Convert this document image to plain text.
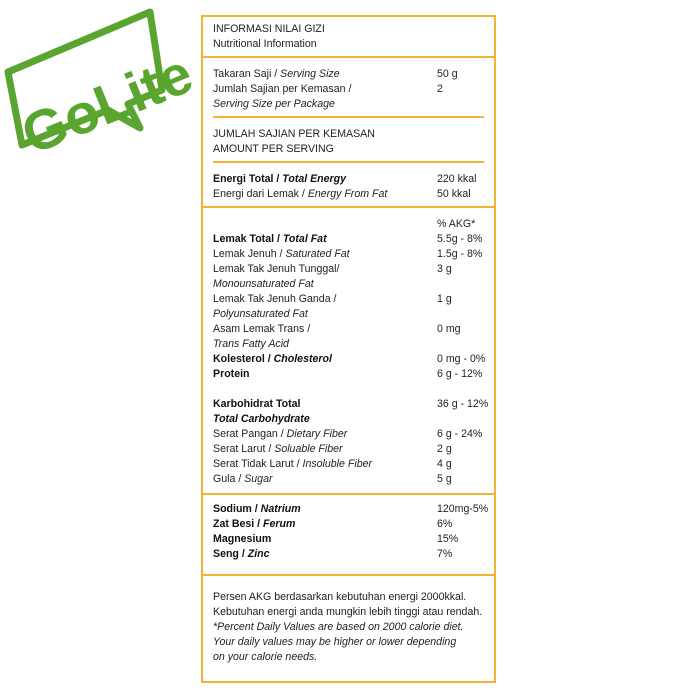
GoLite
INFORMASI NILAI GIZI
Nutritional Information
Takaran Saji / Serving Size	50 g
Jumlah Sajian per Kemasan /	2
Serving Size per Package
JUMLAH SAJIAN PER KEMASAN
AMOUNT PER SERVING
Energi Total / Total Energy	220 kkal
Energi dari Lemak / Energy From Fat	50 kkal
% AKG*
Lemak Total / Total Fat	5.5g - 8%
Lemak Jenuh / Saturated Fat	1.5g - 8%
Lemak Tak Jenuh Tunggal/	3 g
Monounsaturated Fat
Lemak Tak Jenuh Ganda /	1 g
Polyunsaturated Fat
Asam Lemak Trans /	0 mg
Trans Fatty Acid
Kolesterol / Cholesterol	0 mg - 0%
Protein	6 g - 12%
Karbohidrat Total	36 g - 12%
Total Carbohydrate
Serat Pangan / Dietary Fiber	6 g - 24%
Serat Larut / Soluable Fiber	2 g
Serat Tidak Larut / Insoluble Fiber	4 g
Gula / Sugar	5 g
Sodium / Natrium	120mg-5%
Zat Besi / Ferum	6%
Magnesium	15%
Seng / Zinc	7%
Persen AKG berdasarkan kebutuhan energi 2000kkal.
Kebutuhan energi anda mungkin lebih tinggi atau rendah.
*Percent Daily Values are based on 2000 calorie diet.
Your daily values may be higher or lower depending
on your calorie needs.
